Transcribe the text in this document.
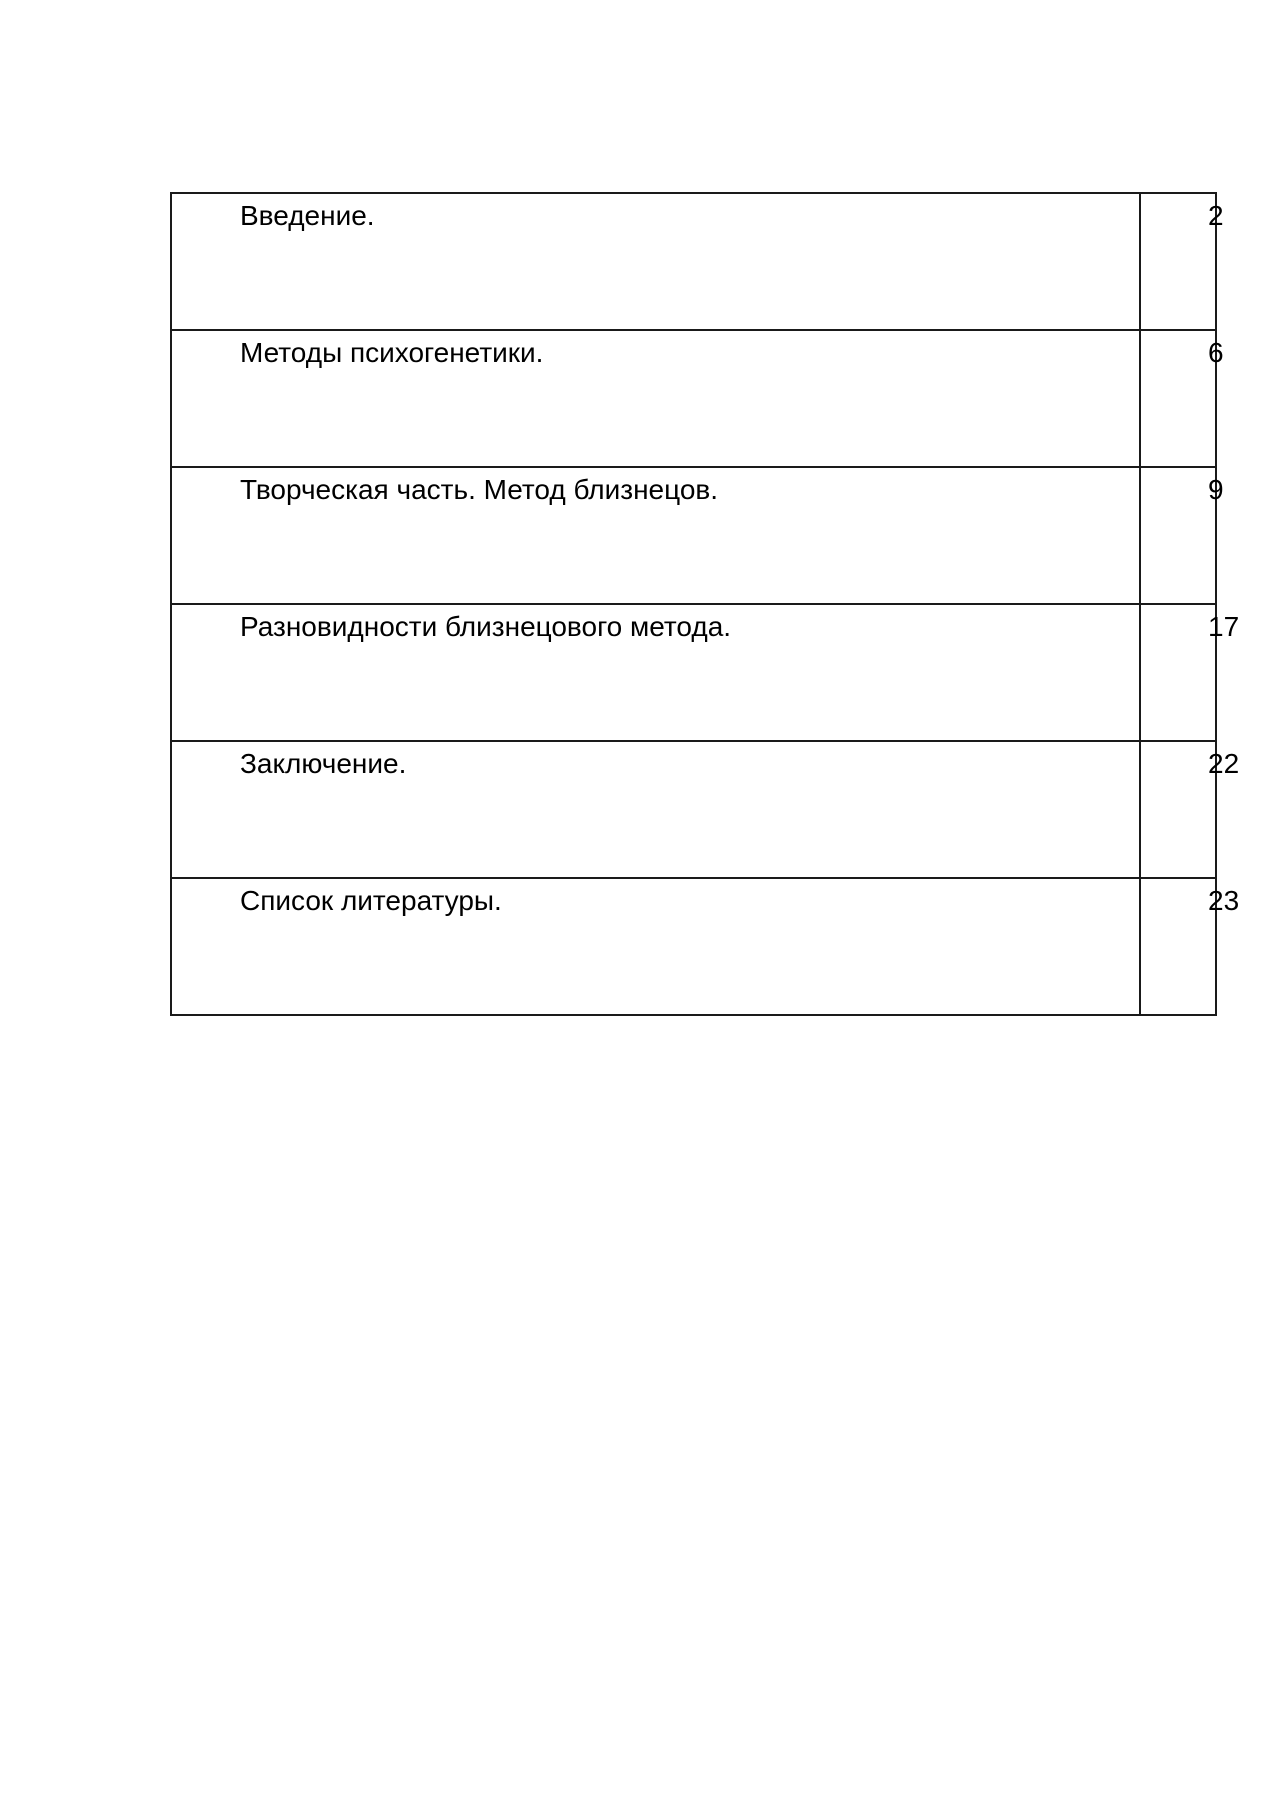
Введение.	2

Методы психогенетики.	6

Творческая часть. Метод близнецов.	9

Разновидности близнецового метода.	17

Заключение.	22

Список литературы.	23
